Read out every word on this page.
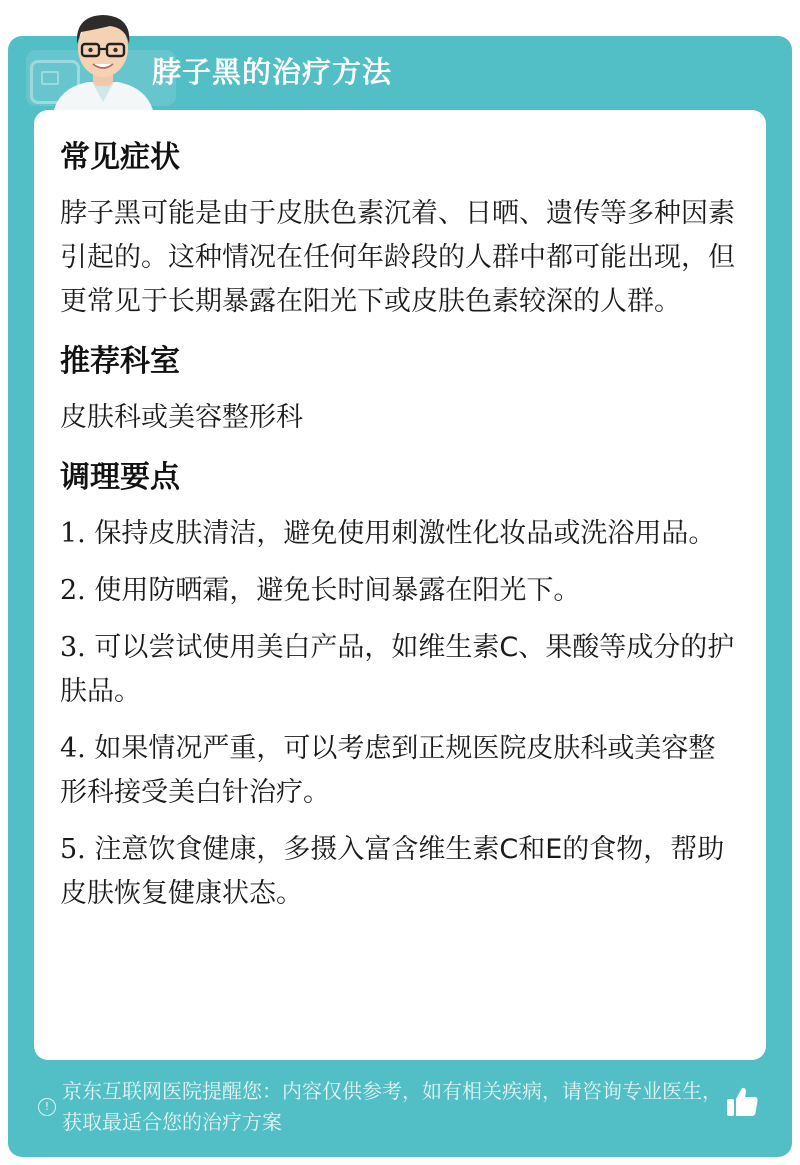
脖子黑的治疗方法
常见症状
脖子黑可能是由于皮肤色素沉着、日晒、遗传等多种因素引起的。这种情况在任何年龄段的人群中都可能出现，但更常见于长期暴露在阳光下或皮肤色素较深的人群。
推荐科室
皮肤科或美容整形科
调理要点
1. 保持皮肤清洁，避免使用刺激性化妆品或洗浴用品。
2. 使用防晒霜，避免长时间暴露在阳光下。
3. 可以尝试使用美白产品，如维生素C、果酸等成分的护肤品。
4. 如果情况严重，可以考虑到正规医院皮肤科或美容整形科接受美白针治疗。
5. 注意饮食健康，多摄入富含维生素C和E的食物，帮助皮肤恢复健康状态。
!
京东互联网医院提醒您：内容仅供参考，如有相关疾病，请咨询专业医生，获取最适合您的治疗方案
